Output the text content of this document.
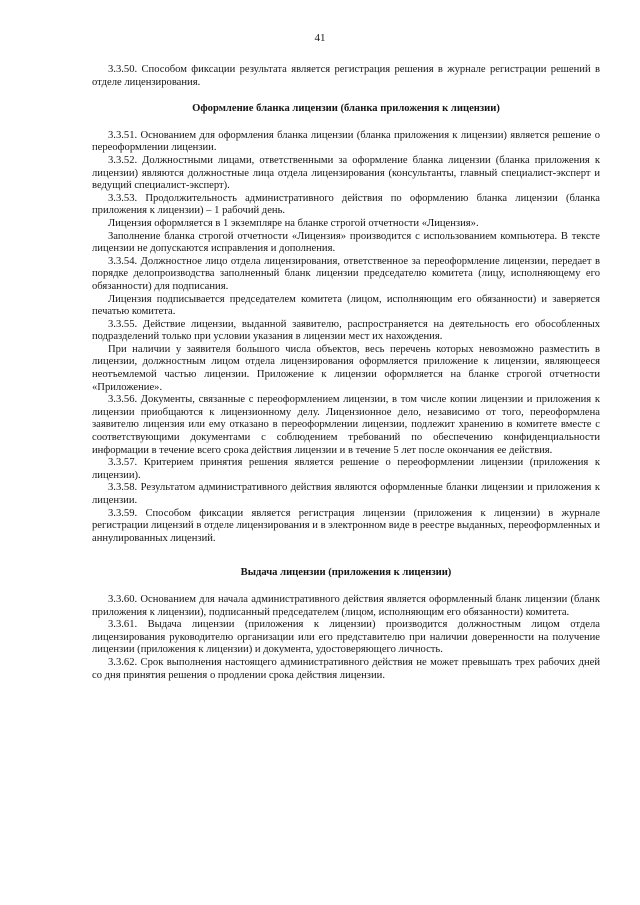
41

3.3.50. Способом фиксации результата является регистрация решения в журнале регистрации решений в отделе лицензирования.

Оформление бланка лицензии (бланка приложения к лицензии)

3.3.51. Основанием для оформления бланка лицензии (бланка приложения к лицензии) является решение о переоформлении лицензии.

3.3.52. Должностными лицами, ответственными за оформление бланка лицензии (бланка приложения к лицензии) являются должностные лица отдела лицензирования (консультанты, главный специалист-эксперт и ведущий специалист-эксперт).

3.3.53. Продолжительность административного действия по оформлению бланка лицензии (бланка приложения к лицензии) – 1 рабочий день.

Лицензия оформляется в 1 экземпляре на бланке строгой отчетности «Лицензия».

Заполнение бланка строгой отчетности «Лицензия» производится с использованием компьютера. В тексте лицензии не допускаются исправления и дополнения.

3.3.54. Должностное лицо отдела лицензирования, ответственное за переоформление лицензии, передает в порядке делопроизводства заполненный бланк лицензии председателю комитета (лицу, исполняющему его обязанности) для подписания.

Лицензия подписывается председателем комитета (лицом, исполняющим его обязанности) и заверяется печатью комитета.

3.3.55. Действие лицензии, выданной заявителю, распространяется на деятельность его обособленных подразделений только при условии указания в лицензии мест их нахождения.

При наличии у заявителя большого числа объектов, весь перечень которых невозможно разместить в лицензии, должностным лицом отдела лицензирования оформляется приложение к лицензии, являющееся неотъемлемой частью лицензии. Приложение к лицензии оформляется на бланке строгой отчетности «Приложение».

3.3.56. Документы, связанные с переоформлением лицензии, в том числе копии лицензии и приложения к лицензии приобщаются к лицензионному делу. Лицензионное дело, независимо от того, переоформлена заявителю лицензия или ему отказано в переоформлении лицензии, подлежит хранению в комитете вместе с соответствующими документами с соблюдением требований по обеспечению конфиденциальности информации в течение всего срока действия лицензии и в течение 5 лет после окончания ее действия.

3.3.57. Критерием принятия решения является решение о переоформлении лицензии (приложения к лицензии).

3.3.58. Результатом административного действия являются оформленные бланки лицензии и приложения к лицензии.

3.3.59. Способом фиксации является регистрация лицензии (приложения к лицензии) в журнале регистрации лицензий в отделе лицензирования и в электронном виде в реестре выданных, переоформленных и аннулированных лицензий.

Выдача лицензии (приложения к лицензии)

3.3.60. Основанием для начала административного действия является оформленный бланк лицензии (бланк приложения к лицензии), подписанный председателем (лицом, исполняющим его обязанности) комитета.

3.3.61. Выдача лицензии (приложения к лицензии) производится должностным лицом отдела лицензирования руководителю организации или его представителю при наличии доверенности на получение лицензии (приложения к лицензии) и документа, удостоверяющего личность.

3.3.62. Срок выполнения настоящего административного действия не может превышать трех рабочих дней со дня принятия решения о продлении срока действия лицензии.
